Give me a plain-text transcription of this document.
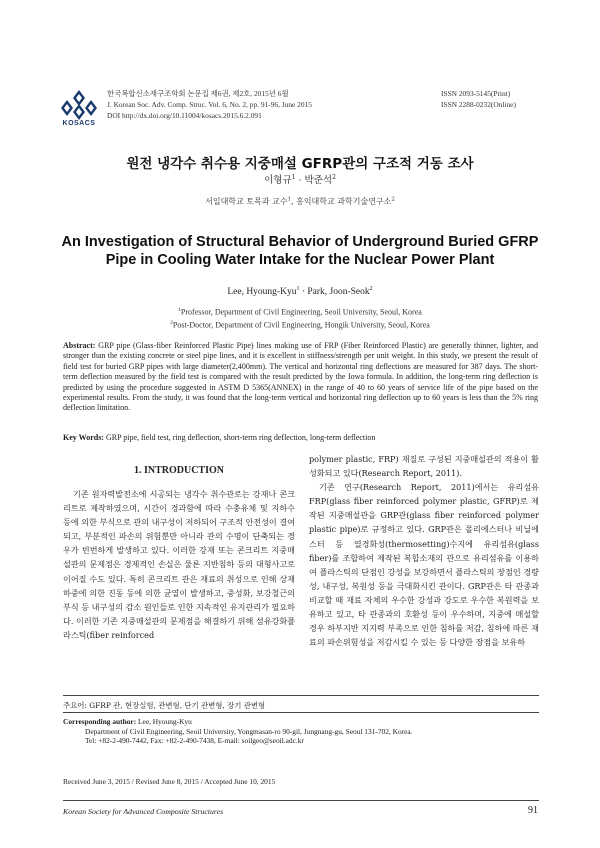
KOSACS
한국복합신소재구조학회 논문집 제6권, 제2호, 2015년 6월
J. Korean Soc. Adv. Comp. Struc. Vol. 6, No. 2, pp. 91-96, June 2015
DOI http://dx.doi.org/10.11004/kosacs.2015.6.2.091
ISSN 2093-5145(Print)
ISSN 2288-0232(Online)
원전 냉각수 취수용 지중매설 GFRP관의 구조적 거동 조사
이형규$^1$ · 박준석$^2$
서일대학교 토목과 교수$^1$, 홍익대학교 과학기술연구소$^2$
An Investigation of Structural Behavior of Underground Buried GFRP Pipe in Cooling Water Intake for the Nuclear Power Plant
Lee, Hyoung-Kyu$^1$ · Park, Joon-Seok$^2$
$^1$Professor, Department of Civil Engineering, Seoil University, Seoul, Korea
$^2$Post-Doctor, Department of Civil Engineering, Hongik University, Seoul, Korea
Abstract: GRP pipe (Glass-fiber Reinforced Plastic Pipe) lines making use of FRP (Fiber Reinforced Plastic) are generally thinner, lighter, and stronger than the existing concrete or steel pipe lines, and it is excellent in stiffness/strength per unit weight. In this study, we present the result of field test for buried GRP pipes with large diameter(2,400mm). The vertical and horizontal ring deflections are measured for 387 days. The short-term deflection measured by the field test is compared with the result predicted by the Iowa formula. In addition, the long-term ring deflection is predicted by using the procedure suggested in ASTM D 5365(ANNEX) in the range of 40 to 60 years of service life of the pipe based on the experimental results. From the study, it was found that the long-term vertical and horizontal ring deflection up to 60 years is less than the 5% ring deflection limitation.
Key Words: GRP pipe, field test, ring deflection, short-term ring deflection, long-term deflection
1. INTRODUCTION
기존 원자력발전소에 시공되는 냉각수 취수관로는 강재나 콘크리트로 제작하였으며, 시간이 경과함에 따라 수충유체 및 지하수 등에 의한 부식으로 관의 내구성이 저하되어 구조적 안전성이 결여되고, 부분적인 파손의 위험뿐만 아니라 관의 수명이 단축되는 경우가 빈번하게 발생하고 있다. 이러한 강재 또는 콘크리트 지중매설관의 문제점은 경제적인 손실은 물론 지반침하 등의 대형사고로 이어질 수도 있다. 특히 콘크리트 관은 재료의 취성으로 인해 상재하중에 의한 진동 등에 의한 균열이 발생하고, 중성화, 보강철근의 부식 등 내구성의 감소 원인들로 인한 지속적인 유지관리가 필요하다. 이러한 기존 지중매설관의 문제점을 해결하기 위해 섬유강화플라스틱(fiber reinforced

polymer plastic, FRP) 재질로 구성된 지중매설관의 적용이 활성화되고 있다(Research Report, 2011).

기존 연구(Research Report, 2011)에서는 유리섬유 FRP(glass fiber reinforced polymer plastic, GFRP)로 제작된 지중매설관을 GRP관(glass fiber reinforced polymer plastic pipe)로 규정하고 있다. GRP관은 폴리에스터나 비닐에스터 등 열경화성(thermosetting)수지에 유리섬유(glass fiber)를 조합하여 제작된 복합소재의 관으로 유리섬유를 이용하여 플라스틱의 단점인 강성을 보강하면서 플라스틱의 장점인 경량성, 내구성, 복원성 등을 극대화시킨 관이다. GRP관은 타 관종과 비교할 때 재료 자체의 우수한 강성과 강도로 우수한 복원력을 보유하고 있고, 타 관종과의 호환성 등이 우수하며, 지중에 매설할 경우 하부지반 지지력 부족으로 인한 침하를 저감, 침하에 따른 재료의 파손위험성을 저감시킬 수 있는 등 다양한 장점을 보유하

주요어: GFRP 관, 현장실험, 관변형, 단기 관변형, 장기 관변형
Corresponding author: Lee, Hyoung-Kyu
Department of Civil Engineering, Seoil University, Yongmasan-ro 90-gil, Jungnang-gu, Seoul 131-702, Korea.
Tel: +82-2-490-7442, Fax: +82-2-490-7438, E-mail: soilgeo@seoil.adc.kr
Received June 3, 2015 / Revised June 8, 2015 / Accepted June 10, 2015
Korean Society for Advanced Composite Structures	91
